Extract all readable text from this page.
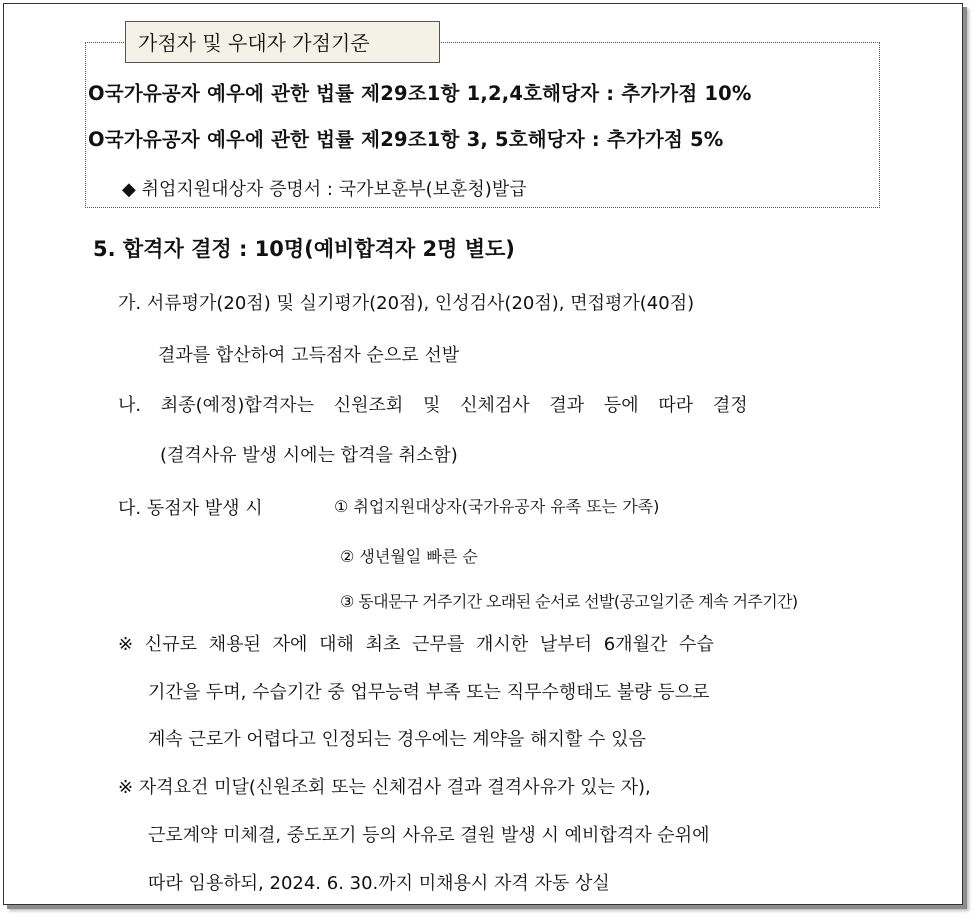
가점자 및 우대자 가점기준
O국가유공자 예우에 관한 법률 제29조1항 1,2,4호해당자 : 추가가점 10%
O국가유공자 예우에 관한 법률 제29조1항 3, 5호해당자 : 추가가점 5%
◆ 취업지원대상자 증명서 : 국가보훈부(보훈청)발급
5. 합격자 결정 : 10명(예비합격자 2명 별도)
가. 서류평가(20점) 및 실기평가(20점), 인성검사(20점), 면접평가(40점)
결과를 합산하여 고득점자 순으로 선발
나. 최종(예정)합격자는 신원조회 및 신체검사 결과 등에 따라 결정
(결격사유 발생 시에는 합격을 취소함)
다. 동점자 발생 시	① 취업지원대상자(국가유공자 유족 또는 가족)
② 생년월일 빠른 순
③ 동대문구 거주기간 오래된 순서로 선발(공고일기준 계속 거주기간)
※ 신규로 채용된 자에 대해 최초 근무를 개시한 날부터 6개월간 수습
기간을 두며, 수습기간 중 업무능력 부족 또는 직무수행태도 불량 등으로
계속 근로가 어렵다고 인정되는 경우에는 계약을 해지할 수 있음
※ 자격요건 미달(신원조회 또는 신체검사 결과 결격사유가 있는 자),
근로계약 미체결, 중도포기 등의 사유로 결원 발생 시 예비합격자 순위에
따라 임용하되, 2024. 6. 30.까지 미채용시 자격 자동 상실
